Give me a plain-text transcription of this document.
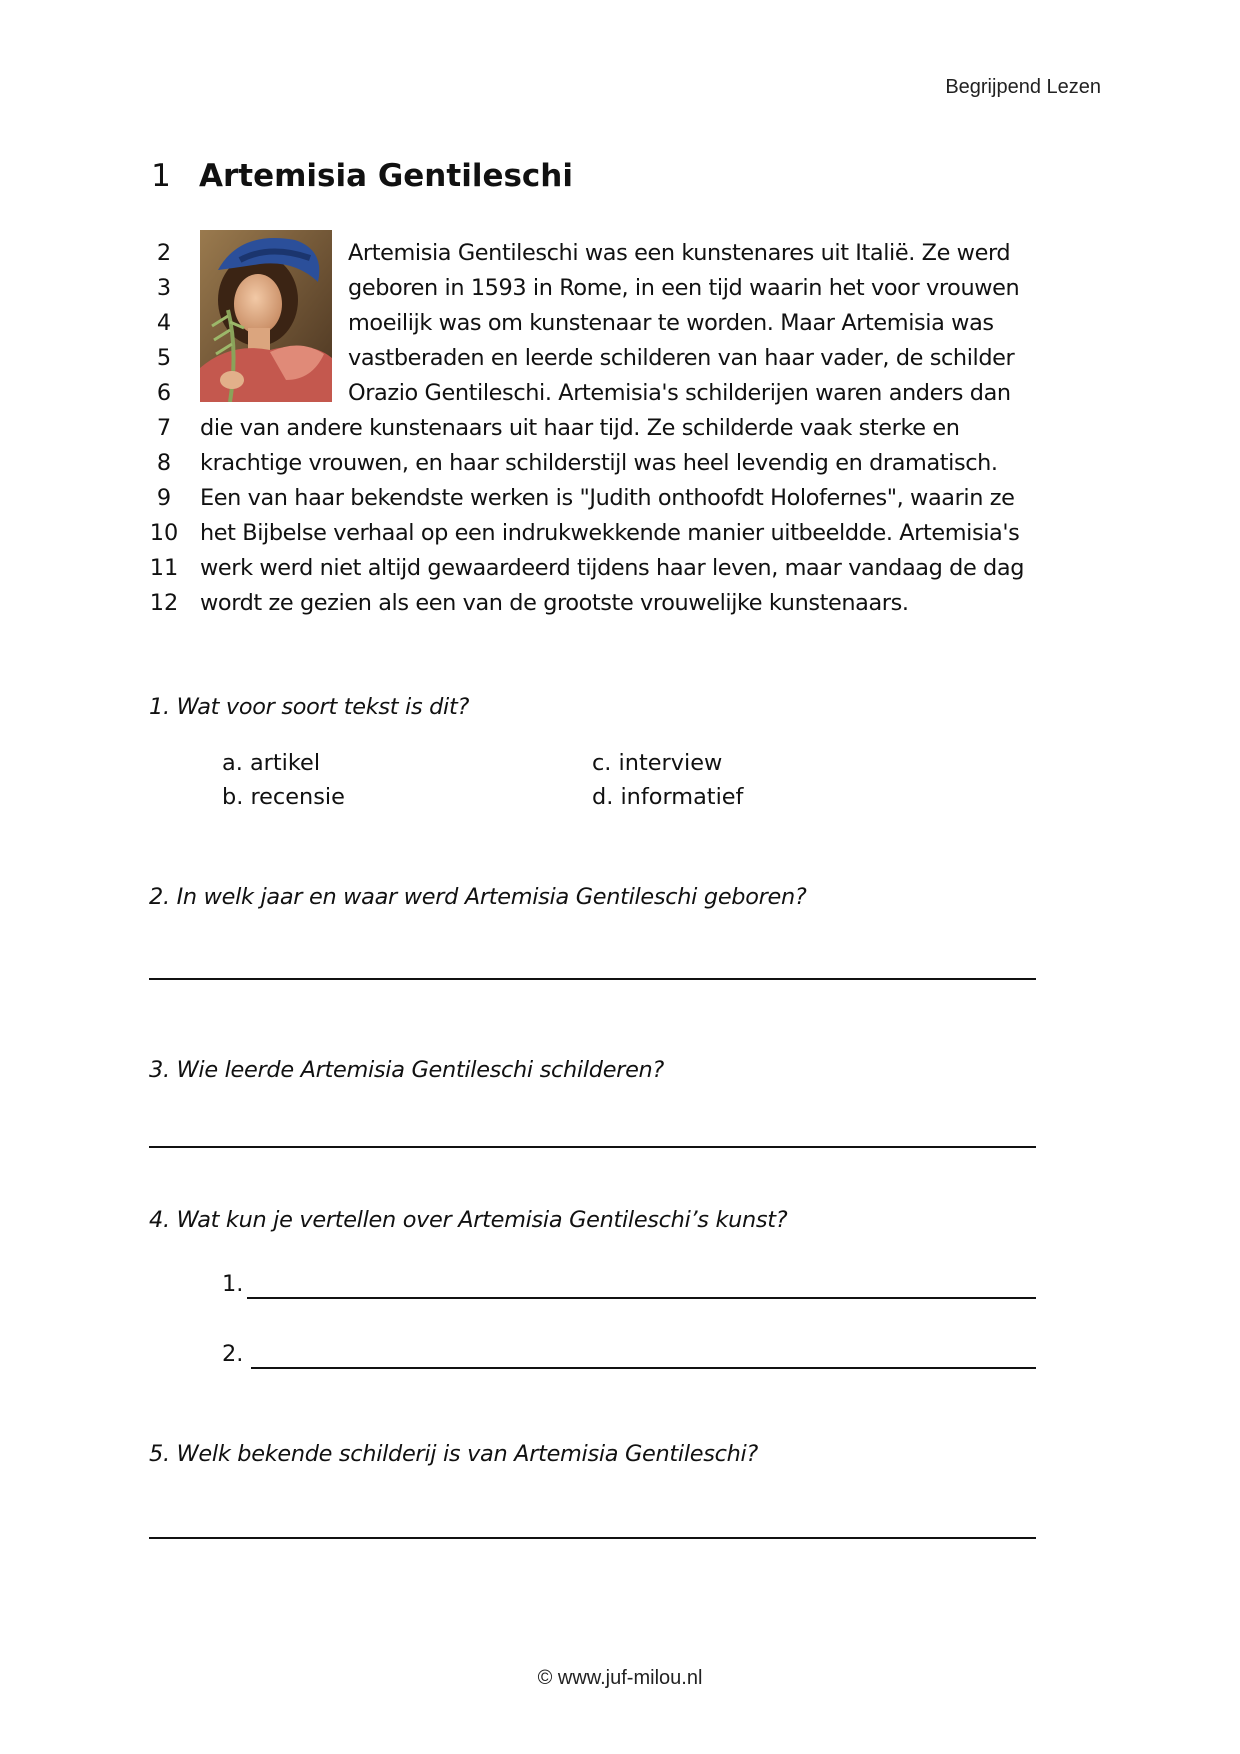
Begrijpend Lezen
1 Artemisia Gentileschi
2	Artemisia Gentileschi was een kunstenares uit Italië. Ze werd
3	geboren in 1593 in Rome, in een tijd waarin het voor vrouwen
4	moeilijk was om kunstenaar te worden. Maar Artemisia was
5	vastberaden en leerde schilderen van haar vader, de schilder
6	Orazio Gentileschi. Artemisia's schilderijen waren anders dan
7	die van andere kunstenaars uit haar tijd. Ze schilderde vaak sterke en
8	krachtige vrouwen, en haar schilderstijl was heel levendig en dramatisch.
9	Een van haar bekendste werken is "Judith onthoofdt Holofernes", waarin ze
10 het Bijbelse verhaal op een indrukwekkende manier uitbeeldde. Artemisia's
11 werk werd niet altijd gewaardeerd tijdens haar leven, maar vandaag de dag
12 wordt ze gezien als een van de grootste vrouwelijke kunstenaars.
1. Wat voor soort tekst is dit?
a. artikel
b. recensie
c. interview
d. informatief
2. In welk jaar en waar werd Artemisia Gentileschi geboren?
3. Wie leerde Artemisia Gentileschi schilderen?
4. Wat kun je vertellen over Artemisia Gentileschi’s kunst?
1.
2.
5. Welk bekende schilderij is van Artemisia Gentileschi?
© www.juf-milou.nl
